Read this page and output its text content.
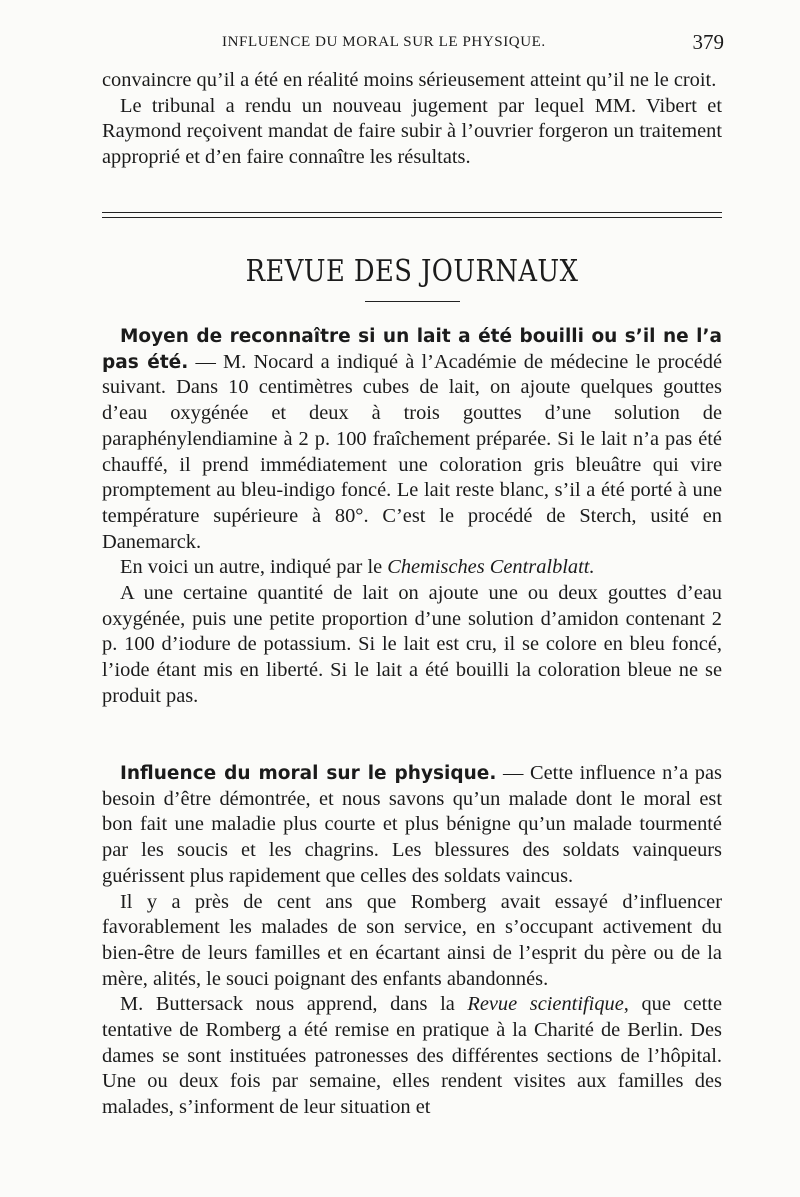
INFLUENCE DU MORAL SUR LE PHYSIQUE.	379

convaincre qu’il a été en réalité moins sérieusement atteint qu’il ne le croit.

Le tribunal a rendu un nouveau jugement par lequel MM. Vibert et Raymond reçoivent mandat de faire subir à l’ouvrier forgeron un traitement approprié et d’en faire connaître les résultats.

REVUE DES JOURNAUX

Moyen de reconnaître si un lait a été bouilli ou s’il ne l’a pas été. — M. Nocard a indiqué à l’Académie de médecine le procédé suivant. Dans 10 centimètres cubes de lait, on ajoute quelques gouttes d’eau oxygénée et deux à trois gouttes d’une solution de paraphénylendiamine à 2 p. 100 fraîchement préparée. Si le lait n’a pas été chauffé, il prend immédiatement une coloration gris bleuâtre qui vire promptement au bleu-indigo foncé. Le lait reste blanc, s’il a été porté à une température supérieure à 80°. C’est le procédé de Sterch, usité en Danemarck.

En voici un autre, indiqué par le Chemisches Centralblatt.

A une certaine quantité de lait on ajoute une ou deux gouttes d’eau oxygénée, puis une petite proportion d’une solution d’amidon contenant 2 p. 100 d’iodure de potassium. Si le lait est cru, il se colore en bleu foncé, l’iode étant mis en liberté. Si le lait a été bouilli la coloration bleue ne se produit pas.

Influence du moral sur le physique. — Cette influence n’a pas besoin d’être démontrée, et nous savons qu’un malade dont le moral est bon fait une maladie plus courte et plus bénigne qu’un malade tourmenté par les soucis et les chagrins. Les blessures des soldats vainqueurs guérissent plus rapidement que celles des soldats vaincus.

Il y a près de cent ans que Romberg avait essayé d’influencer favorablement les malades de son service, en s’occupant activement du bien-être de leurs familles et en écartant ainsi de l’esprit du père ou de la mère, alités, le souci poignant des enfants abandonnés.

M. Buttersack nous apprend, dans la Revue scientifique, que cette tentative de Romberg a été remise en pratique à la Charité de Berlin. Des dames se sont instituées patronesses des différentes sections de l’hôpital. Une ou deux fois par semaine, elles rendent visites aux familles des malades, s’informent de leur situation et
